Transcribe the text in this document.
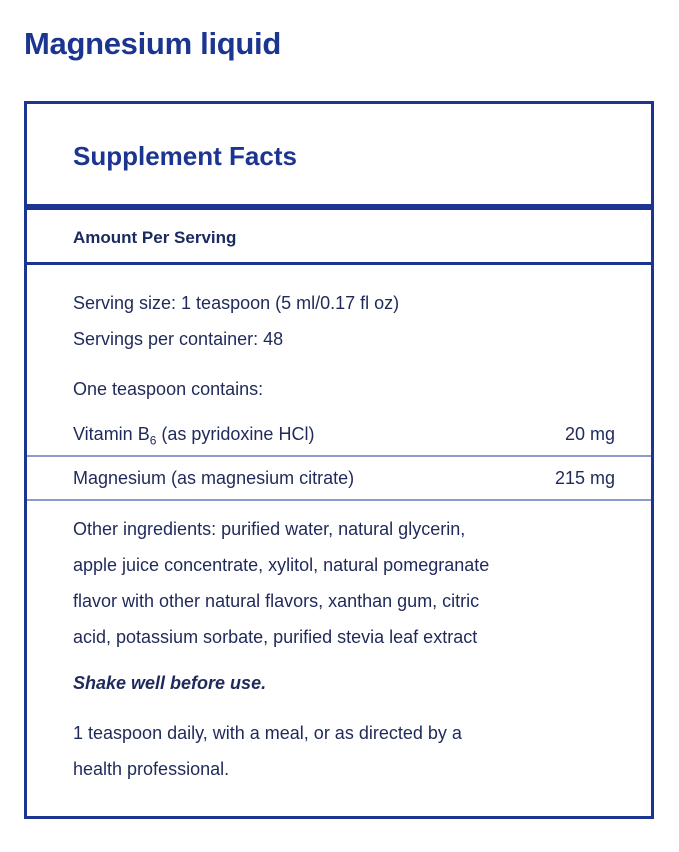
Magnesium liquid
Supplement Facts
Amount Per Serving
Serving size: 1 teaspoon (5 ml/0.17 fl oz)
Servings per container: 48
One teaspoon contains:
Vitamin $B_6$ (as pyridoxine HCl)	20 mg
Magnesium (as magnesium citrate)	215 mg
Other ingredients: purified water, natural glycerin,
apple juice concentrate, xylitol, natural pomegranate
flavor with other natural flavors, xanthan gum, citric
acid, potassium sorbate, purified stevia leaf extract
Shake well before use.
1 teaspoon daily, with a meal, or as directed by a
health professional.
